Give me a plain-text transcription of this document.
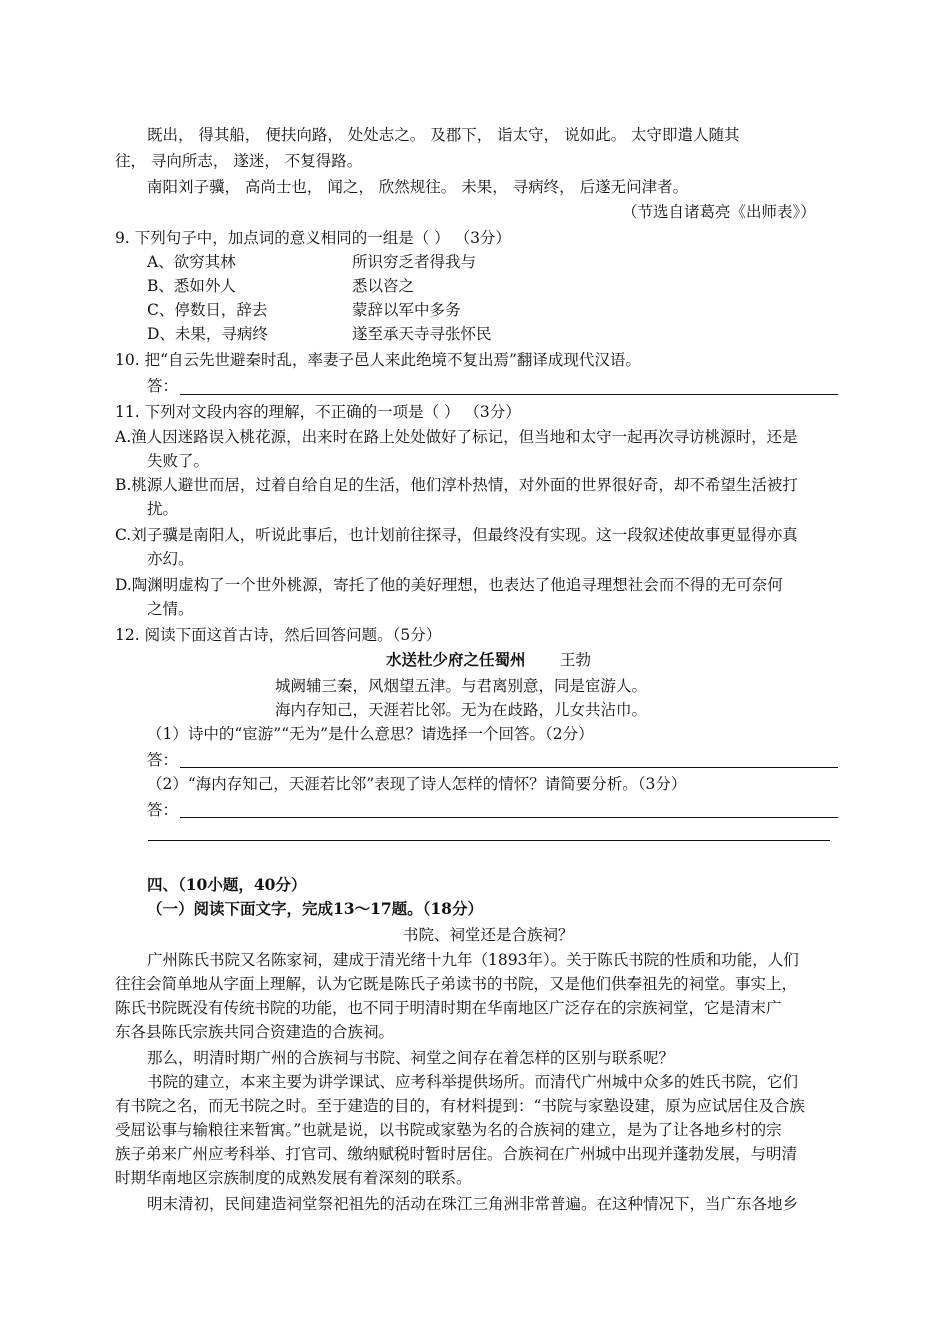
既出， 得其船， 便扶向路， 处处志之。 及郡下， 诣太守， 说如此。 太守即遣人随其
往， 寻向所志， 遂迷， 不复得路。
南阳刘子骥， 高尚士也， 闻之， 欣然规往。 未果， 寻病终， 后遂无问津者。
（节选自诸葛亮《出师表》）
9. 下列句子中，加点词的意义相同的一组是（ ） （3分）
A、欲穷其林	所识穷乏者得我与
B、悉如外人	悉以咨之
C、停数日，辞去	蒙辞以军中多务
D、未果，寻病终	遂至承天寺寻张怀民
10. 把“自云先世避秦时乱，率妻子邑人来此绝境不复出焉”翻译成现代汉语。
答：
11. 下列对文段内容的理解，不正确的一项是（ ） （3分）
A.渔人因迷路误入桃花源，出来时在路上处处做好了标记，但当地和太守一起再次寻访桃源时，还是
失败了。
B.桃源人避世而居，过着自给自足的生活，他们淳朴热情，对外面的世界很好奇，却不希望生活被打
扰。
C.刘子骥是南阳人，听说此事后，也计划前往探寻，但最终没有实现。这一段叙述使故事更显得亦真
亦幻。
D.陶渊明虚构了一个世外桃源，寄托了他的美好理想，也表达了他追寻理想社会而不得的无可奈何
之情。
12. 阅读下面这首古诗，然后回答问题。（5分）
水送杜少府之任蜀州 王勃
城阙辅三秦，风烟望五津。与君离别意，同是宦游人。
海内存知己，天涯若比邻。无为在歧路，儿女共沾巾。
（1）诗中的“宦游”“无为”是什么意思？请选择一个回答。（2分）
答：
（2）“海内存知己，天涯若比邻”表现了诗人怎样的情怀？请简要分析。（3分）
答：
四、（10小题，40分）
（一）阅读下面文字，完成13～17题。（18分）
书院、祠堂还是合族祠？
广州陈氏书院又名陈家祠，建成于清光绪十九年（1893年）。关于陈氏书院的性质和功能，人们
往往会简单地从字面上理解，认为它既是陈氏子弟读书的书院，又是他们供奉祖先的祠堂。事实上，
陈氏书院既没有传统书院的功能，也不同于明清时期在华南地区广泛存在的宗族祠堂，它是清末广
东各县陈氏宗族共同合资建造的合族祠。
那么，明清时期广州的合族祠与书院、祠堂之间存在着怎样的区别与联系呢？
书院的建立，本来主要为讲学课试、应考科举提供场所。而清代广州城中众多的姓氏书院，它们
有书院之名，而无书院之时。至于建造的目的，有材料提到：“书院与家塾设建，原为应试居住及合族
受屈讼事与输粮往来暂寓。”也就是说，以书院或家塾为名的合族祠的建立，是为了让各地乡村的宗
族子弟来广州应考科举、打官司、缴纳赋税时暂时居住。合族祠在广州城中出现并蓬勃发展，与明清
时期华南地区宗族制度的成熟发展有着深刻的联系。
明末清初，民间建造祠堂祭祀祖先的活动在珠江三角洲非常普遍。在这种情况下，当广东各地乡
